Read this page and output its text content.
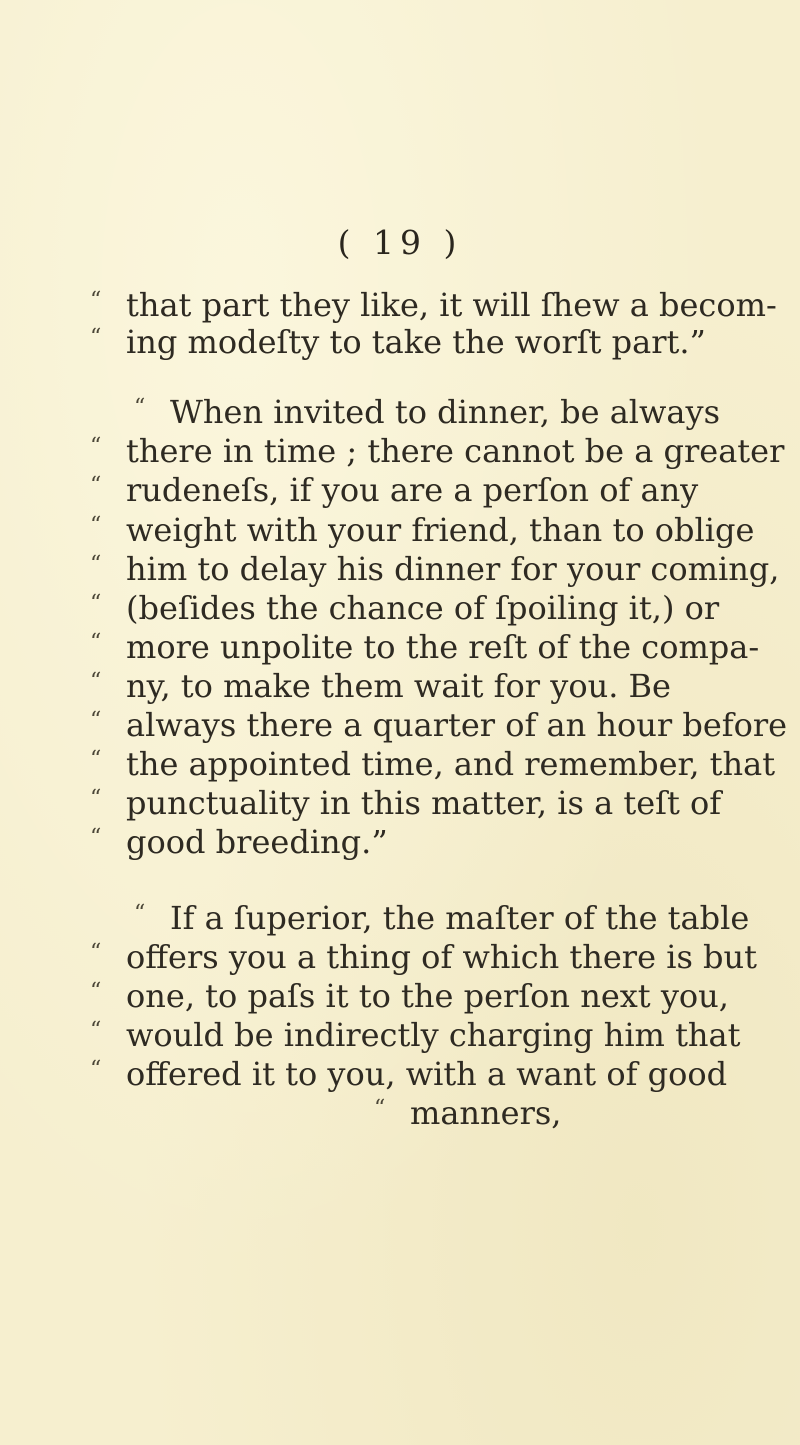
( 19 )
“ that part they like, it will ſhew a becom-
“ ing modeſty to take the worſt part.”
“ When invited to dinner, be always
“ there in time ; there cannot be a greater
“ rudeneſs, if you are a perſon of any
“ weight with your friend, than to oblige
“ him to delay his dinner for your coming,
“ (beſides the chance of ſpoiling it,) or
“ more unpolite to the reſt of the compa-
“ ny, to make them wait for you. Be
“ always there a quarter of an hour before
“ the appointed time, and remember, that
“ punctuality in this matter, is a teſt of
“ good breeding.”
“ If a ſuperior, the maſter of the table
“ offers you a thing of which there is but
“ one, to paſs it to the perſon next you,
“ would be indirectly charging him that
“ offered it to you, with a want of good
“ manners,
